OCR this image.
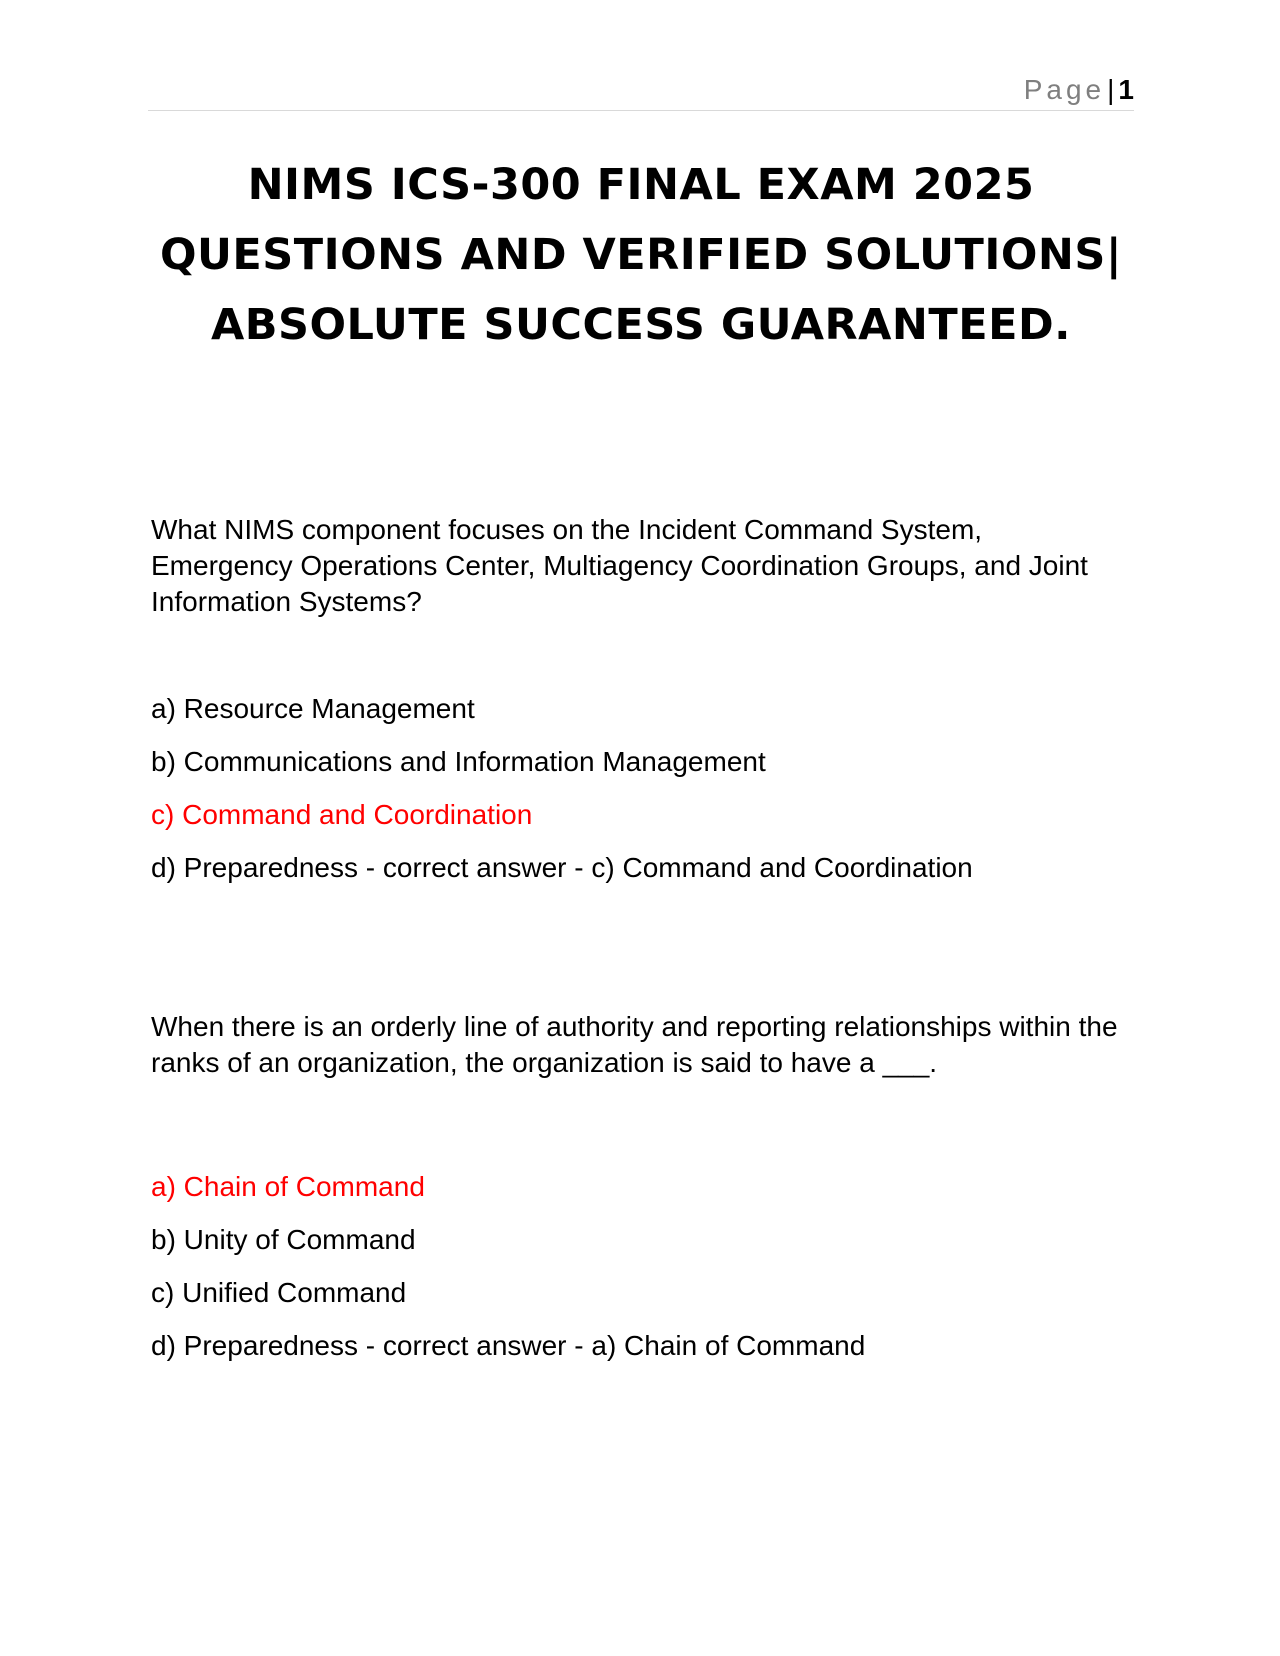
Page| 1
NIMS ICS-300 FINAL EXAM 2025 QUESTIONS AND VERIFIED SOLUTIONS| ABSOLUTE SUCCESS GUARANTEED.

What NIMS component focuses on the Incident Command System, Emergency Operations Center, Multiagency Coordination Groups, and Joint Information Systems?

a) Resource Management
b) Communications and Information Management
c) Command and Coordination
d) Preparedness - correct answer - c) Command and Coordination

When there is an orderly line of authority and reporting relationships within the ranks of an organization, the organization is said to have a ___.

a) Chain of Command
b) Unity of Command
c) Unified Command
d) Preparedness - correct answer - a) Chain of Command
